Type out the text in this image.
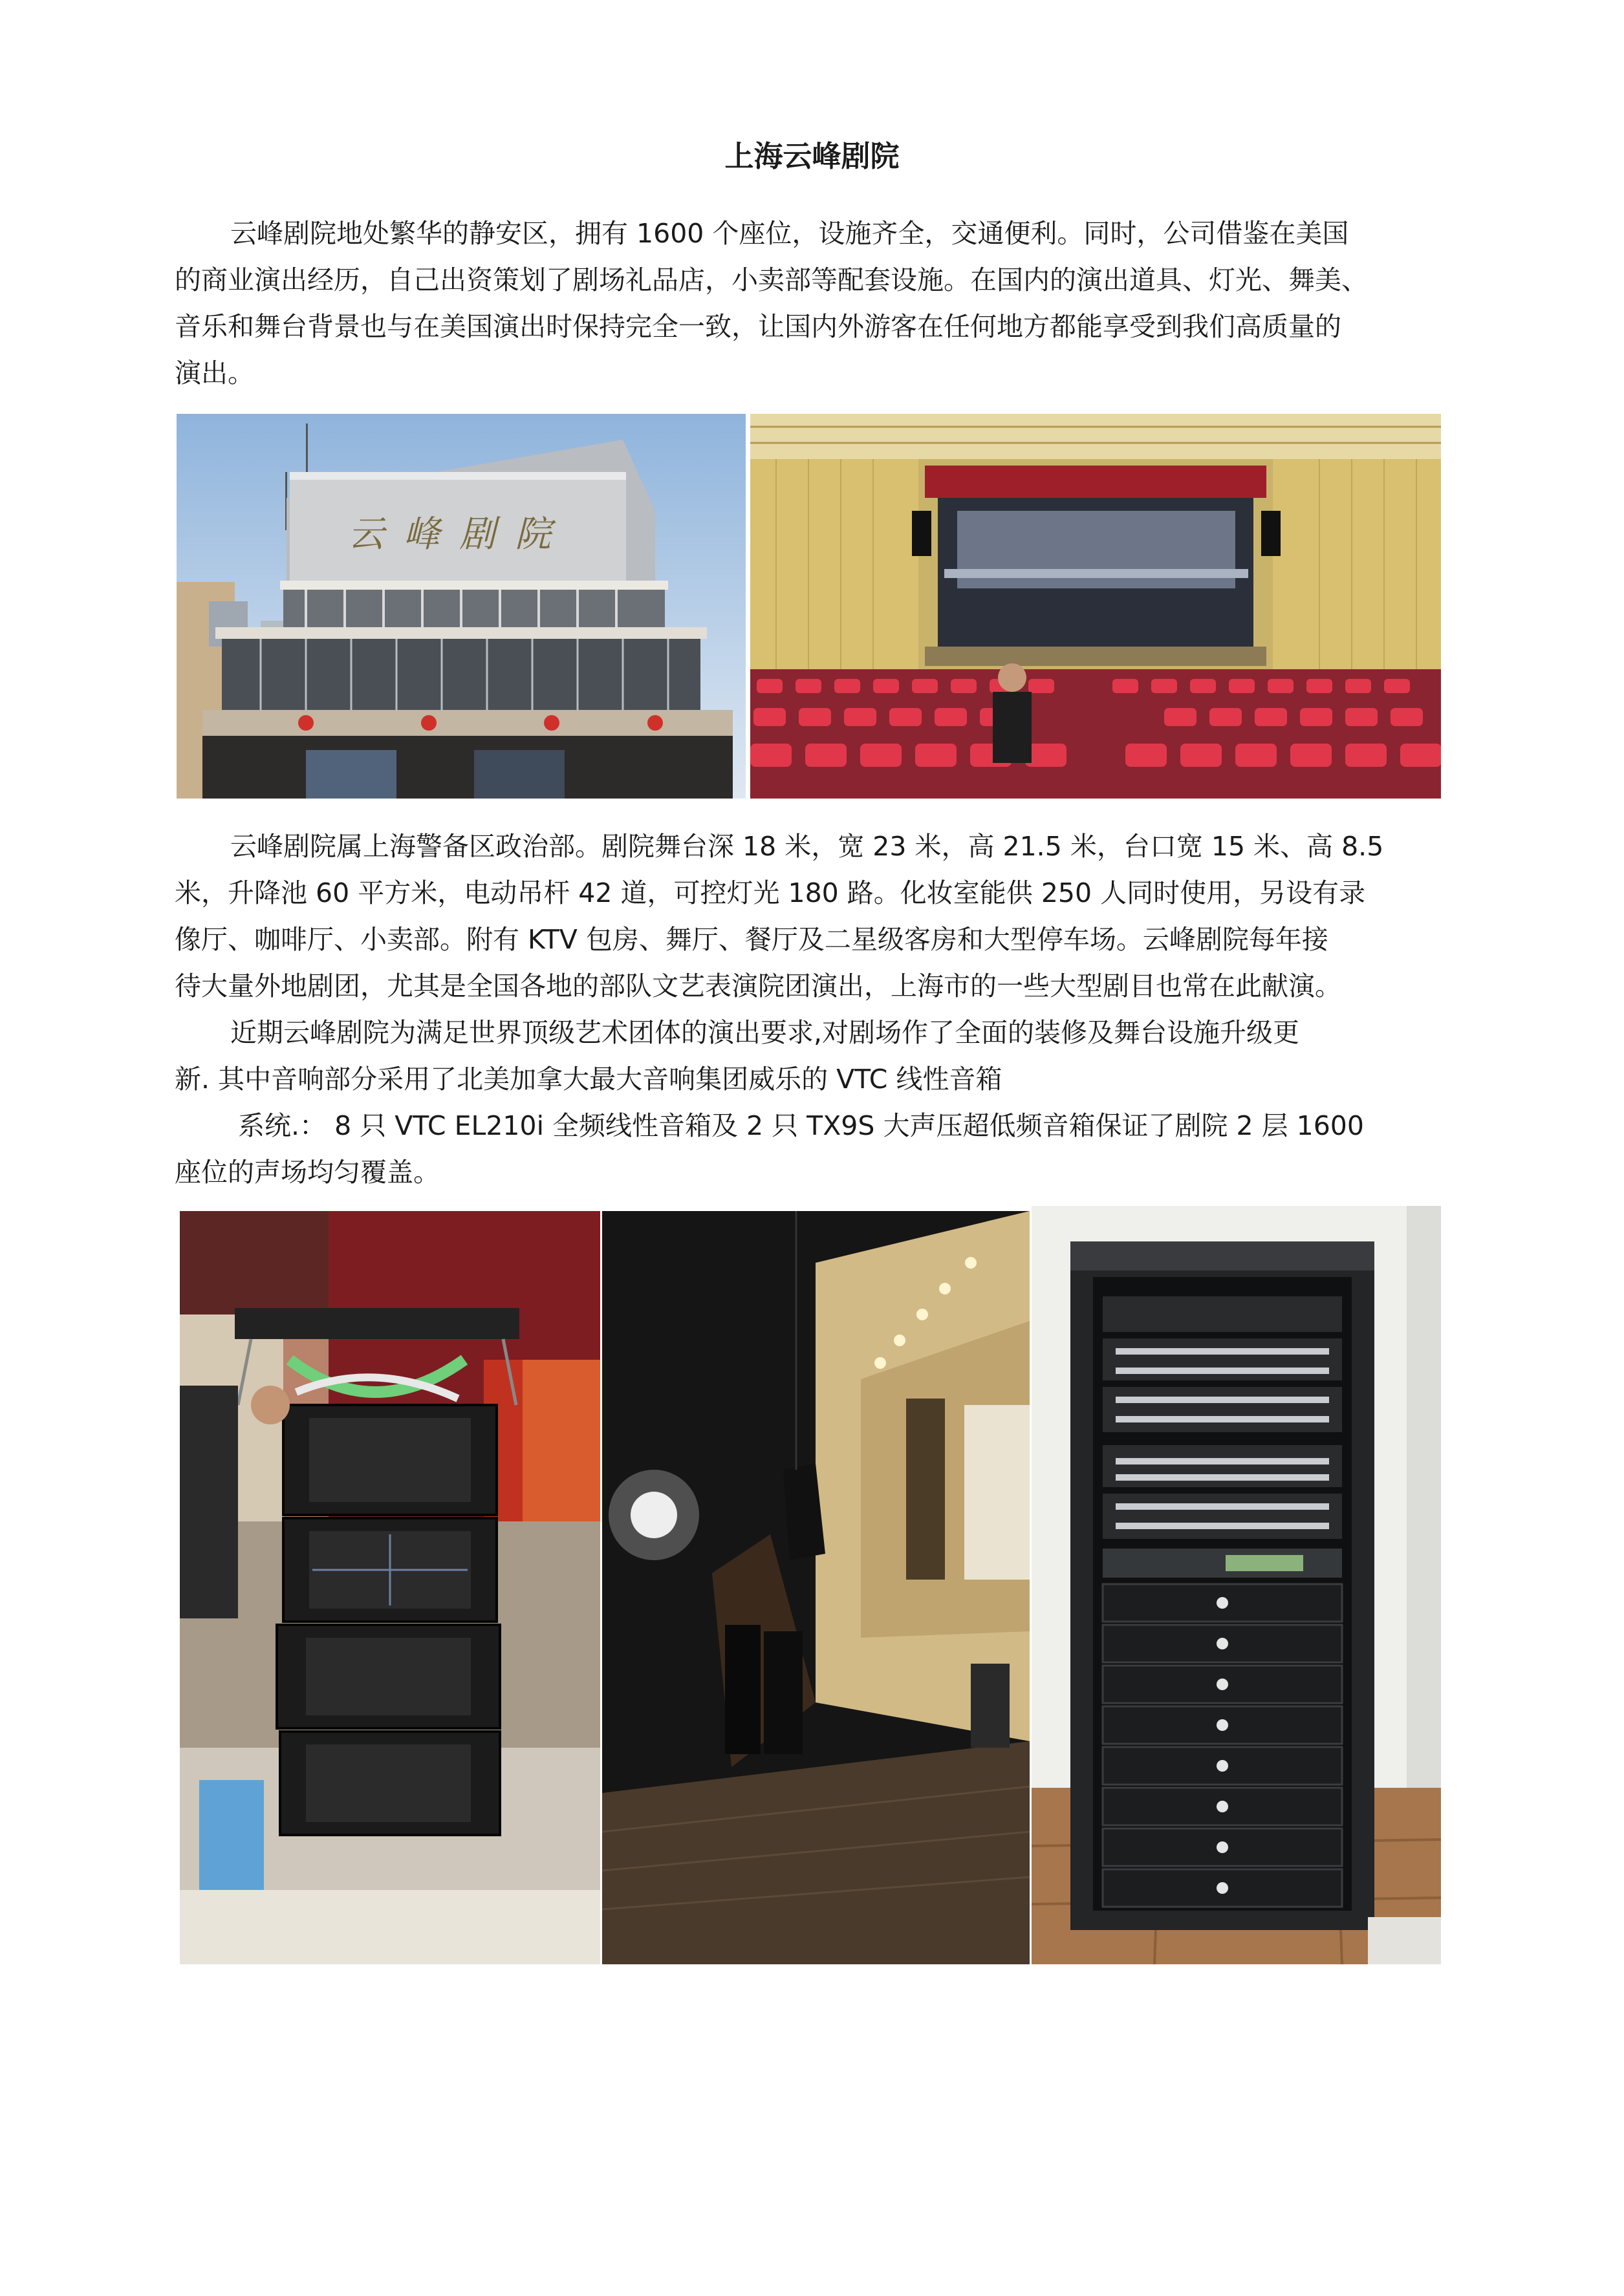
上海云峰剧院

云峰剧院地处繁华的静安区，拥有 1600 个座位，设施齐全，交通便利。同时，公司借鉴在美国
的商业演出经历，自己出资策划了剧场礼品店，小卖部等配套设施。在国内的演出道具、灯光、舞美、
音乐和舞台背景也与在美国演出时保持完全一致，让国内外游客在任何地方都能享受到我们高质量的
演出。

云峰剧院

云峰剧院属上海警备区政治部。剧院舞台深 18 米，宽 23 米，高 21.5 米，台口宽 15 米、高 8.5
米，升降池 60 平方米，电动吊杆 42 道，可控灯光 180 路。化妆室能供 250 人同时使用，另设有录
像厅、咖啡厅、小卖部。附有 KTV 包房、舞厅、餐厅及二星级客房和大型停车场。云峰剧院每年接
待大量外地剧团，尤其是全国各地的部队文艺表演院团演出，上海市的一些大型剧目也常在此献演。

近期云峰剧院为满足世界顶级艺术团体的演出要求,对剧场作了全面的装修及舞台设施升级更
新. 其中音响部分采用了北美加拿大最大音响集团威乐的 VTC 线性音箱

系统.： 8 只 VTC EL210i 全频线性音箱及 2 只 TX9S 大声压超低频音箱保证了剧院 2 层 1600
座位的声场均匀覆盖。
